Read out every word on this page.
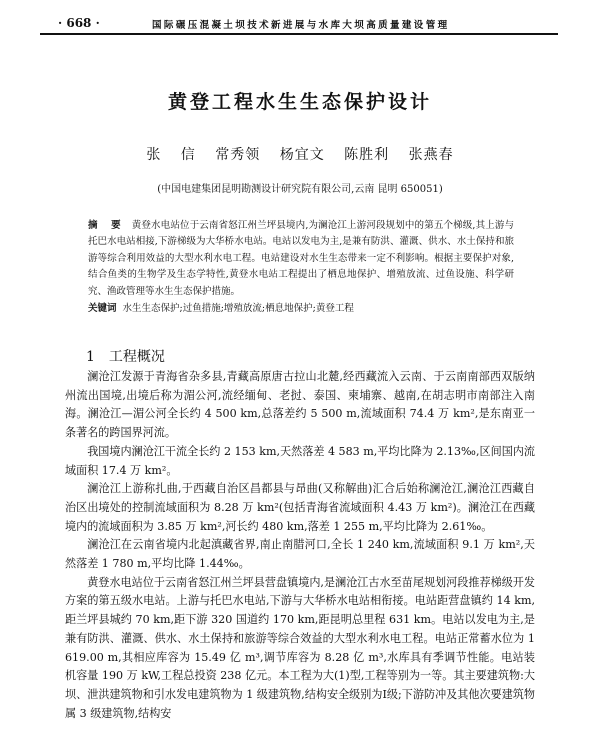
· 668 ·	国际碾压混凝土坝技术新进展与水库大坝高质量建设管理
黄登工程水生生态保护设计
张 信 常秀领 杨宜文 陈胜利 张燕春
(中国电建集团昆明勘测设计研究院有限公司,云南 昆明 650051)
摘 要 黄登水电站位于云南省怒江州兰坪县境内,为澜沧江上游河段规划中的第五个梯级,其上游与托巴水电站相接,下游梯级为大华桥水电站。电站以发电为主,是兼有防洪、灌溉、供水、水土保持和旅游等综合利用效益的大型水利水电工程。电站建设对水生生态带来一定不利影响。根据主要保护对象,结合鱼类的生物学及生态学特性,黄登水电站工程提出了栖息地保护、增殖放流、过鱼设施、科学研究、渔政管理等水生生态保护措施。
关键词 水生生态保护;过鱼措施;增殖放流;栖息地保护;黄登工程
1 工程概况

澜沧江发源于青海省杂多县,青藏高原唐古拉山北麓,经西藏流入云南、于云南南部西双版纳州流出国境,出境后称为湄公河,流经缅甸、老挝、泰国、柬埔寨、越南,在胡志明市南部注入南海。澜沧江—湄公河全长约 4 500 km,总落差约 5 500 m,流域面积 74.4 万 km²,是东南亚一条著名的跨国界河流。

我国境内澜沧江干流全长约 2 153 km,天然落差 4 583 m,平均比降为 2.13‰,区间国内流域面积 17.4 万 km²。

澜沧江上游称扎曲,于西藏自治区昌都县与昂曲(又称解曲)汇合后始称澜沧江,澜沧江西藏自治区出境处的控制流域面积为 8.28 万 km²(包括青海省流域面积 4.43 万 km²)。澜沧江在西藏境内的流域面积为 3.85 万 km²,河长约 480 km,落差 1 255 m,平均比降为 2.61‰。

澜沧江在云南省境内北起滇藏省界,南止南腊河口,全长 1 240 km,流域面积 9.1 万 km²,天然落差 1 780 m,平均比降 1.44‰。

黄登水电站位于云南省怒江州兰坪县营盘镇境内,是澜沧江古水至苗尾规划河段推荐梯级开发方案的第五级水电站。上游与托巴水电站,下游与大华桥水电站相衔接。电站距营盘镇约 14 km,距兰坪县城约 70 km,距下游 320 国道约 170 km,距昆明总里程 631 km。电站以发电为主,是兼有防洪、灌溉、供水、水土保持和旅游等综合效益的大型水利水电工程。电站正常蓄水位为 1 619.00 m,其相应库容为 15.49 亿 m³,调节库容为 8.28 亿 m³,水库具有季调节性能。电站装机容量 190 万 kW,工程总投资 238 亿元。本工程为大(1)型,工程等别为一等。其主要建筑物:大坝、泄洪建筑物和引水发电建筑物为 1 级建筑物,结构安全级别为Ⅰ级;下游防冲及其他次要建筑物属 3 级建筑物,结构安
